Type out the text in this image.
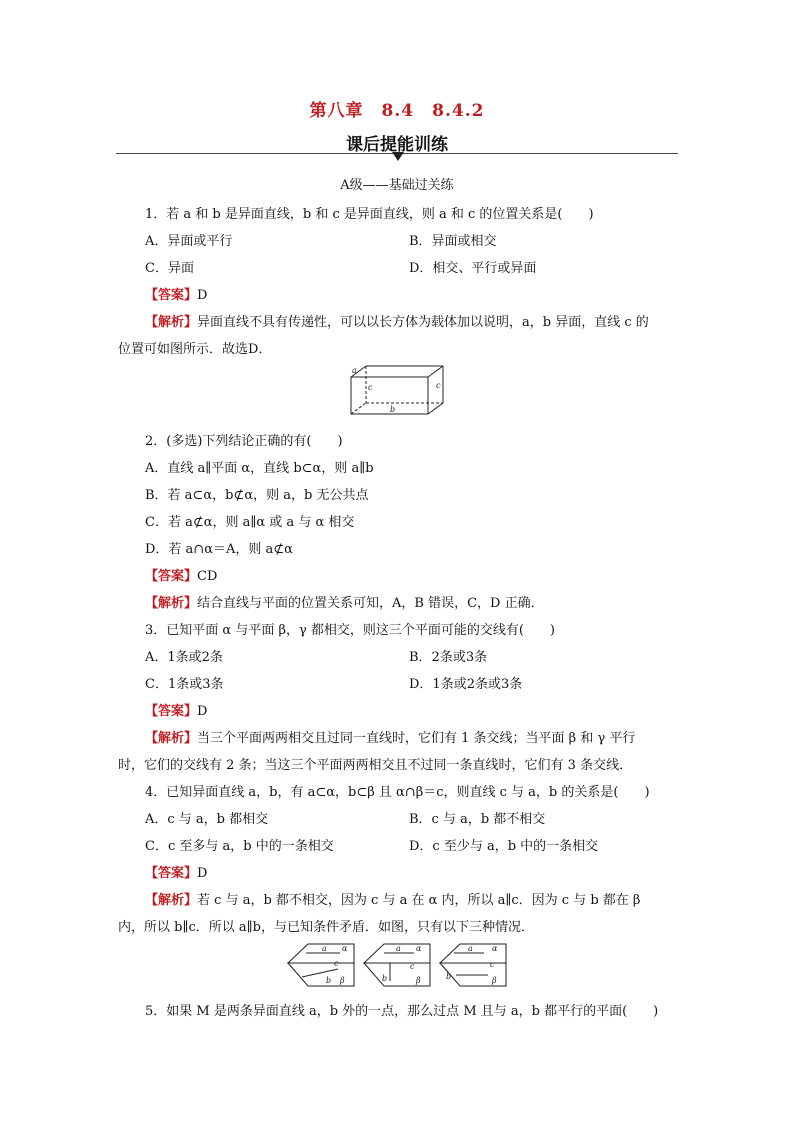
第八章　8.4　8.4.2
课后提能训练
A级——基础过关练
1．若 a 和 b 是异面直线，b 和 c 是异面直线，则 a 和 c 的位置关系是(　　)
A．异面或平行	B．异面或相交
C．异面	D．相交、平行或异面
【答案】D
【解析】异面直线不具有传递性，可以以长方体为载体加以说明，a，b 异面，直线 c 的
位置可如图所示．故选D．
a
c	c
b
2．(多选)下列结论正确的有(　　)
A．直线 a∥平面 α，直线 b⊂α，则 a∥b
B．若 a⊂α，b⊄α，则 a，b 无公共点
C．若 a⊄α，则 a∥α 或 a 与 α 相交
D．若 a∩α＝A，则 a⊄α
【答案】CD
【解析】结合直线与平面的位置关系可知，A，B 错误，C，D 正确．
3．已知平面 α 与平面 β，γ 都相交，则这三个平面可能的交线有(　　)
A．1条或2条	B．2条或3条
C．1条或3条	D．1条或2条或3条
【答案】D
【解析】当三个平面两两相交且过同一直线时，它们有 1 条交线；当平面 β 和 γ 平行
时，它们的交线有 2 条；当这三个平面两两相交且不过同一条直线时，它们有 3 条交线．
4．已知异面直线 a，b，有 a⊂α，b⊂β 且 α∩β＝c，则直线 c 与 a，b 的关系是(　　)
A．c 与 a，b 都相交	B．c 与 a，b 都不相交
C．c 至多与 a，b 中的一条相交	D．c 至少与 a，b 中的一条相交
【答案】D
【解析】若 c 与 a，b 都不相交，因为 c 与 a 在 α 内，所以 a∥c．因为 c 与 b 都在 β
内，所以 b∥c．所以 a∥b，与已知条件矛盾．如图，只有以下三种情况．
a α
c
b β
a α
c
b	β
a α
c
b	β
5．如果 M 是两条异面直线 a，b 外的一点，那么过点 M 且与 a，b 都平行的平面(　　)
